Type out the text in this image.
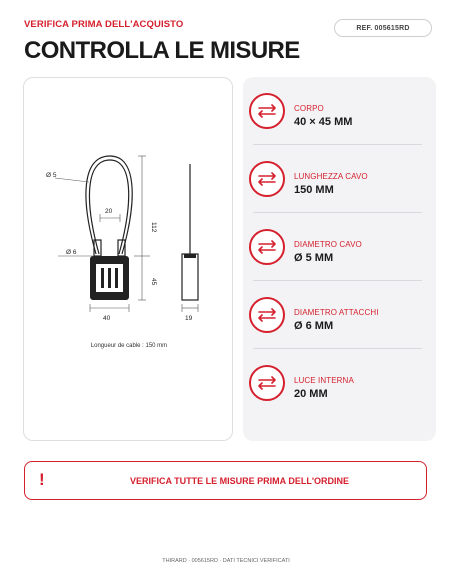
VERIFICA PRIMA DELL'ACQUISTO	REF. 005615RD
CONTROLLA LE MISURE
Ø 5
20
112
Ø 6
45
40	19
Longueur de cable : 150 mm
CORPO
40 × 45 MM
LUNGHEZZA CAVO
150 MM
DIAMETRO CAVO
Ø 5 MM
DIAMETRO ATTACCHI
Ø 6 MM
LUCE INTERNA
20 MM
!	VERIFICA TUTTE LE MISURE PRIMA DELL'ORDINE
THIRARD · 005615RD · DATI TECNICI VERIFICATI
